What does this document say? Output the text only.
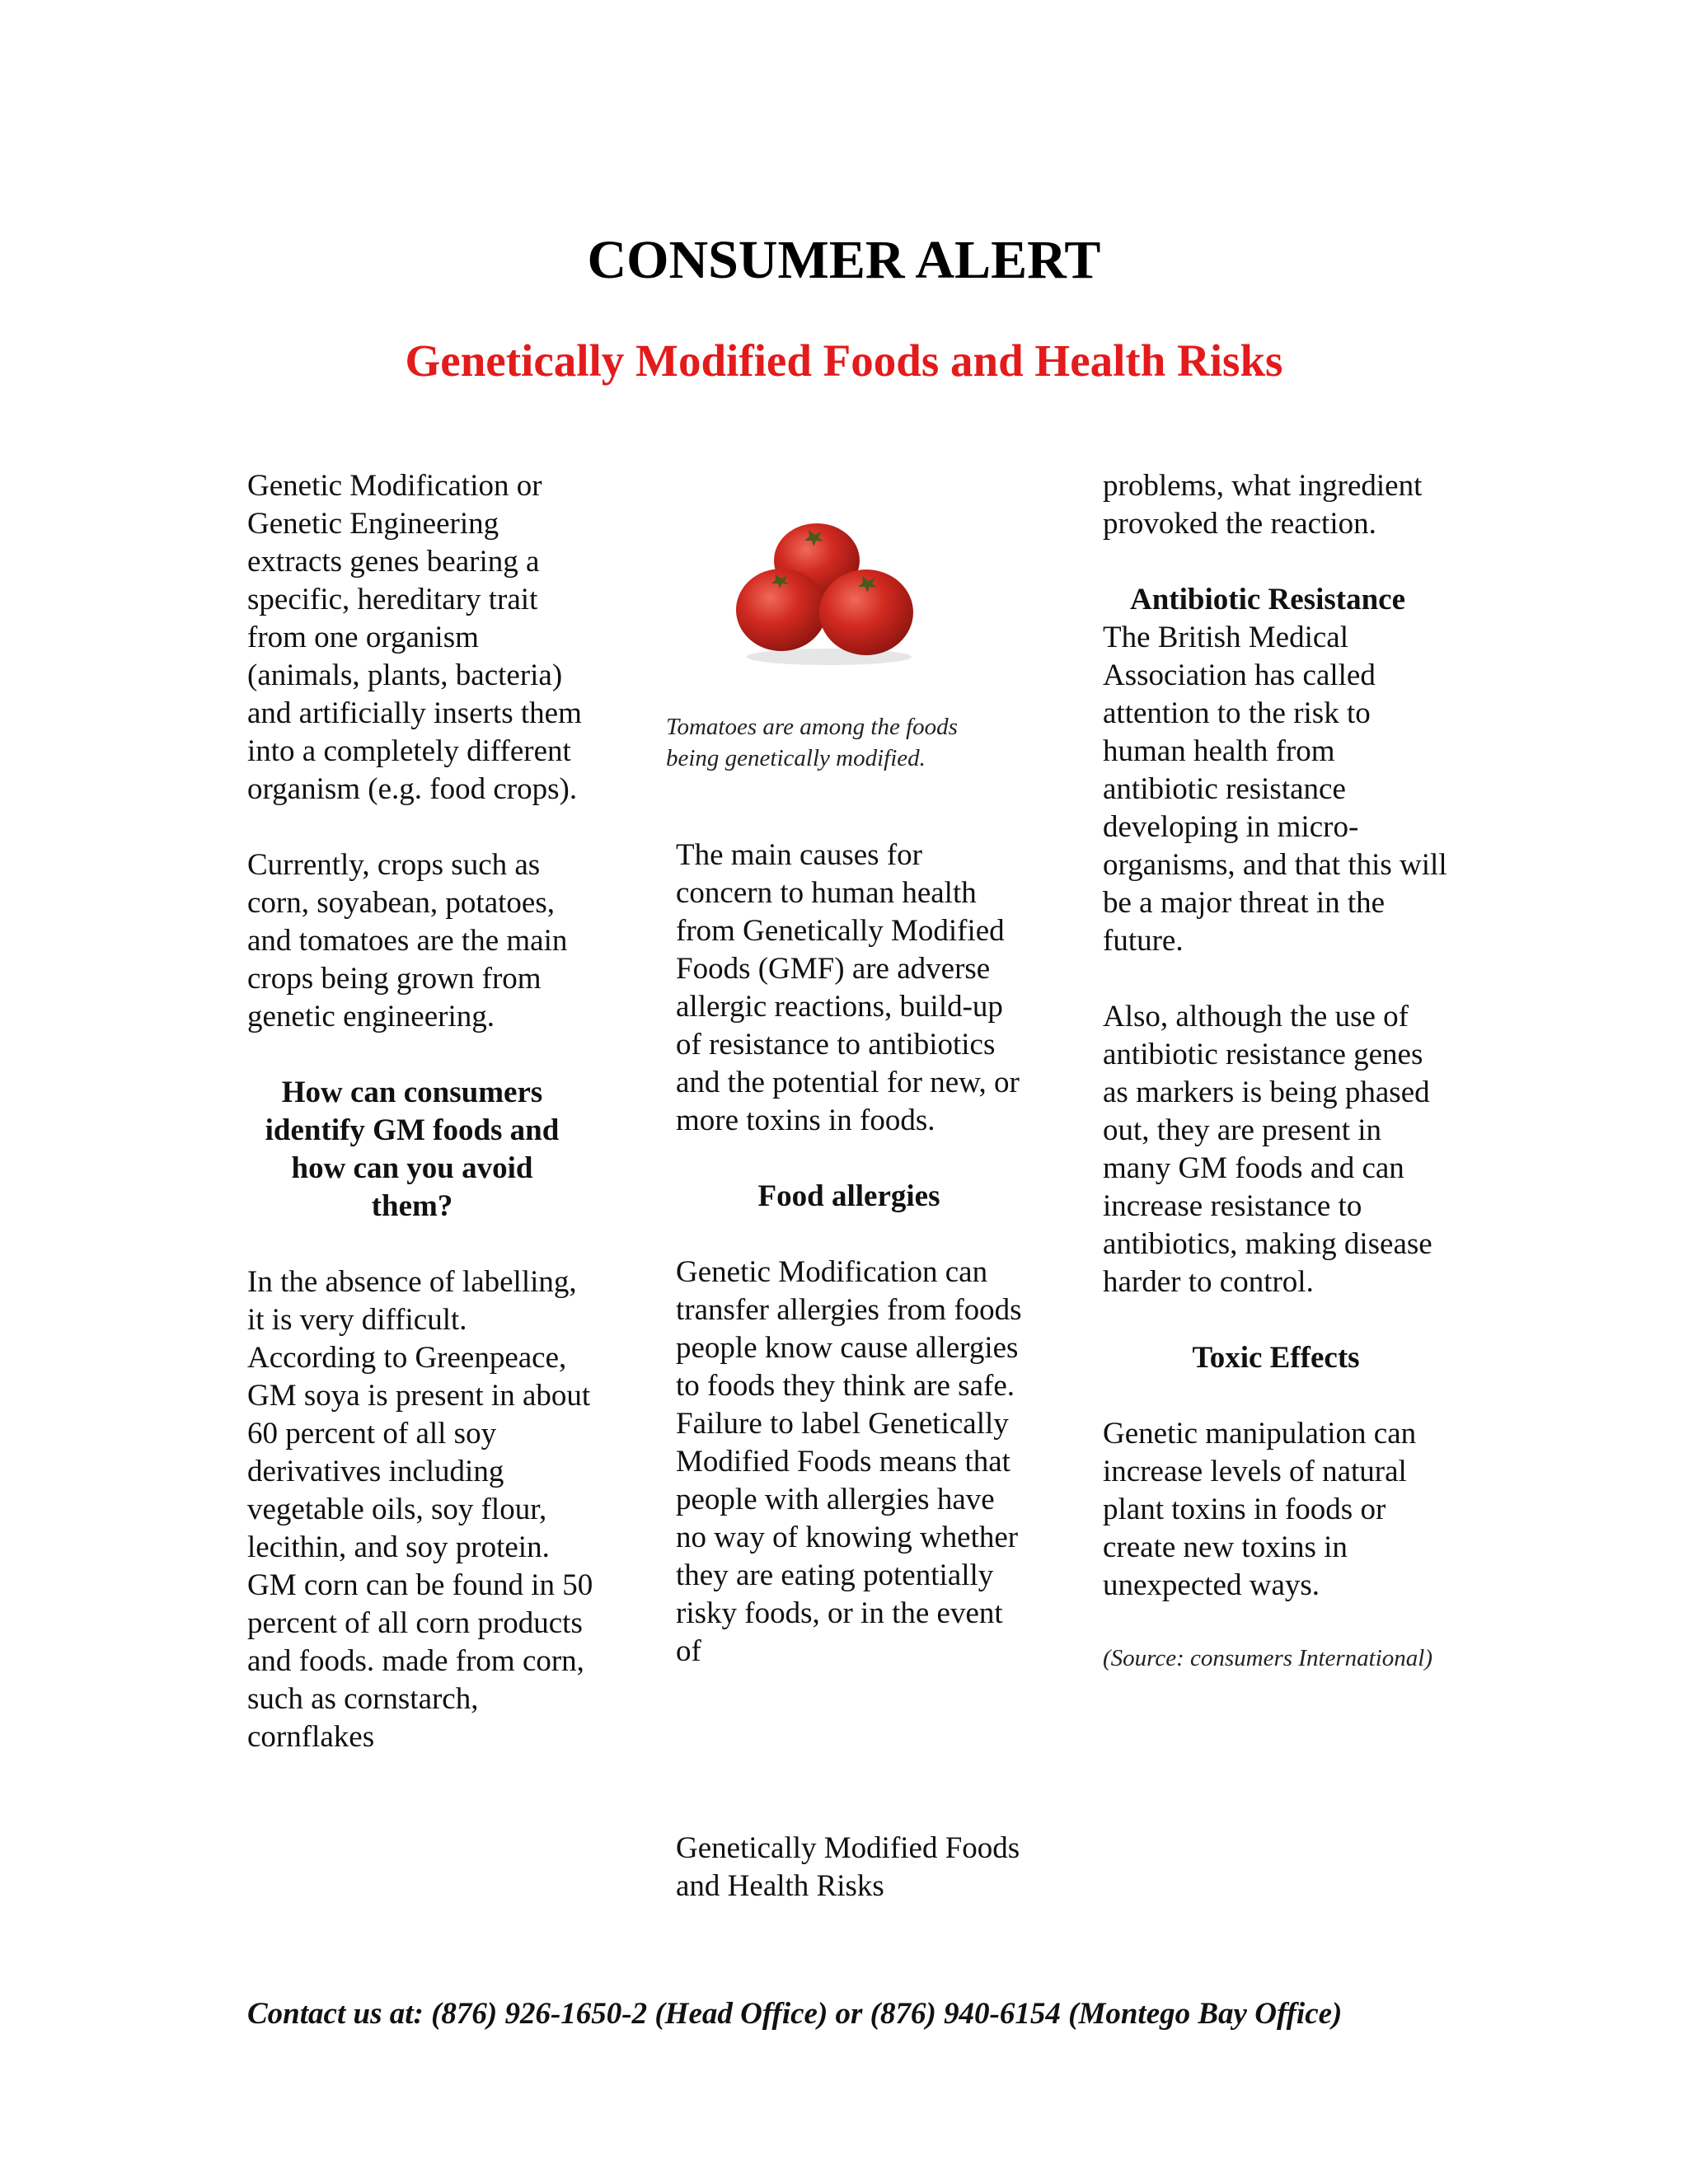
CONSUMER ALERT
Genetically Modified Foods and Health Risks

Genetic Modification or Genetic Engineering extracts genes bearing a specific, hereditary trait from one organism (animals, plants, bacteria) and artificially inserts them into a completely different organism (e.g. food crops).

Currently, crops such as corn, soyabean, potatoes, and tomatoes are the main crops being grown from genetic engineering.

How can consumers identify GM foods and how can you avoid them?

In the absence of labelling, it is very difficult. According to Greenpeace, GM soya is present in about 60 percent of all soy derivatives including vegetable oils, soy flour, lecithin, and soy protein. GM corn can be found in 50 percent of all corn products and foods. made from corn, such as cornstarch, cornflakes

Tomatoes are among the foods being genetically modified.

The main causes for concern to human health from Genetically Modified Foods (GMF) are adverse allergic reactions, build-up of resistance to antibiotics and the potential for new, or more toxins in foods.

Food allergies

Genetic Modification can transfer allergies from foods people know cause allergies to foods they think are safe. Failure to label Genetically Modified Foods means that people with allergies have no way of knowing whether they are eating potentially risky foods, or in the event of

Genetically Modified Foods and Health Risks

problems, what ingredient provoked the reaction.

Antibiotic Resistance

The British Medical Association has called attention to the risk to human health from antibiotic resistance developing in micro-organisms, and that this will be a major threat in the future.

Also, although the use of antibiotic resistance genes as markers is being phased out, they are present in many GM foods and can increase resistance to antibiotics, making disease harder to control.

Toxic Effects

Genetic manipulation can increase levels of natural plant toxins in foods or create new toxins in unexpected ways.

(Source: consumers International)

Contact us at: (876) 926-1650-2 (Head Office) or (876) 940-6154 (Montego Bay Office)
